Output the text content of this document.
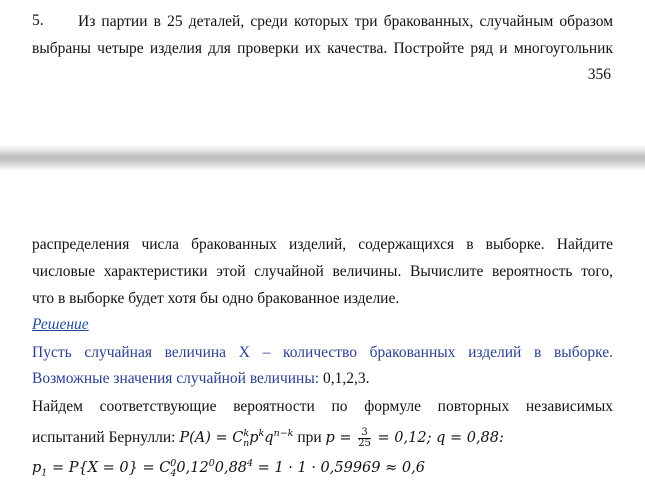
5. Из партии в 25 деталей, среди которых три бракованных, случайным образом
выбраны четыре изделия для проверки их качества. Постройте ряд и многоугольник
356
распределения числа бракованных изделий, содержащихся в выборке. Найдите
числовые характеристики этой случайной величины. Вычислите вероятность того,
что в выборке будет хотя бы одно бракованное изделие.
Решение
Пусть случайная величина X – количество бракованных изделий в выборке.
Возможные значения случайной величины: 0,1,2,3.
Найдем соответствующие вероятности по формуле повторных независимых
испытаний Бернулли: $P(A) = C^k_np^kq^{n-k}$ при $p = \frac{3}{25} = 0,12$; q = 0,88:
$p_1 = P\{X = 0\} = C^0_40,12^00,88^4 = 1 \cdot 1 \cdot 0,59969 \approx 0,6$
